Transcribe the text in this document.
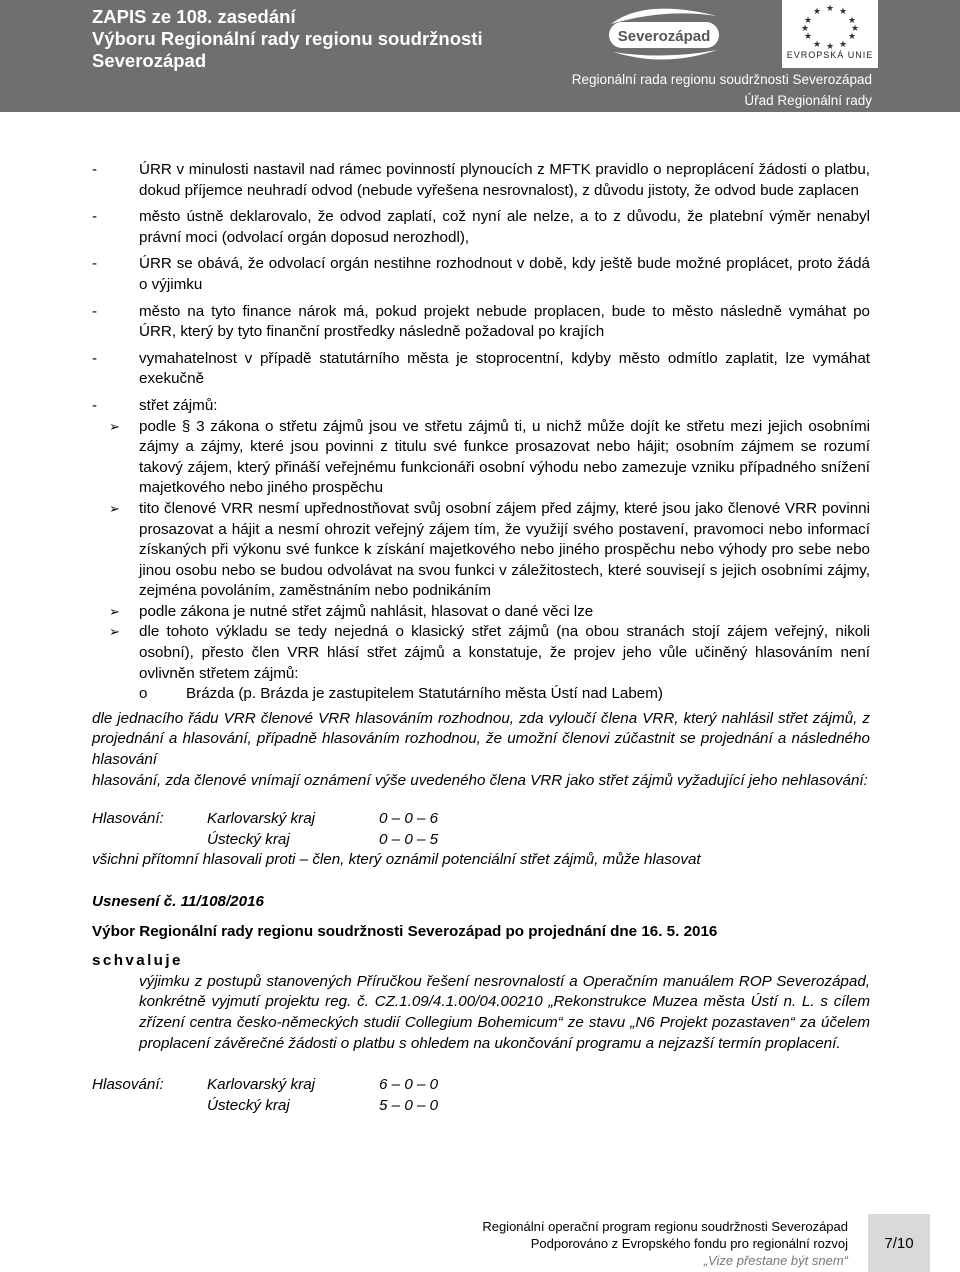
ZAPIS ze 108. zasedání
Výboru Regionální rady regionu soudržnosti
Severozápad
Severozápad
★ ★
★
★
★
★
★
★
★
★
★
★
EVROPSKÁ UNIE
Regionální rada regionu soudržnosti Severozápad
Úřad Regionální rady
-	ÚRR v minulosti nastavil nad rámec povinností plynoucích z MFTK pravidlo o neproplácení žádosti o platbu, dokud příjemce neuhradí odvod (nebude vyřešena nesrovnalost), z důvodu jistoty, že odvod bude zaplacen
-	město ústně deklarovalo, že odvod zaplatí, což nyní ale nelze, a to z důvodu, že platební výměr nenabyl právní moci (odvolací orgán doposud nerozhodl),
-	ÚRR se obává, že odvolací orgán nestihne rozhodnout v době, kdy ještě bude možné proplácet, proto žádá o výjimku
-	město na tyto finance nárok má, pokud projekt nebude proplacen, bude to město následně vymáhat po ÚRR, který by tyto finanční prostředky následně požadoval po krajích
-	vymahatelnost v případě statutárního města je stoprocentní, kdyby město odmítlo zaplatit, lze vymáhat exekučně
-	střet zájmů:
➢ podle § 3 zákona o střetu zájmů jsou ve střetu zájmů ti, u nichž může dojít ke střetu mezi jejich osobními zájmy a zájmy, které jsou povinni z titulu své funkce prosazovat nebo hájit; osobním zájmem se rozumí takový zájem, který přináší veřejnému funkcionáři osobní výhodu nebo zamezuje vzniku případného snížení majetkového nebo jiného prospěchu
➢ tito členové VRR nesmí upřednostňovat svůj osobní zájem před zájmy, které jsou jako členové VRR povinni prosazovat a hájit a nesmí ohrozit veřejný zájem tím, že využijí svého postavení, pravomoci nebo informací získaných při výkonu své funkce k získání majetkového nebo jiného prospěchu nebo výhody pro sebe nebo jinou osobu nebo se budou odvolávat na svou funkci v záležitostech, které souvisejí s jejich osobními zájmy, zejména povoláním, zaměstnáním nebo podnikáním
➢ podle zákona je nutné střet zájmů nahlásit, hlasovat o dané věci lze
➢ dle tohoto výkladu se tedy nejedná o klasický střet zájmů (na obou stranách stojí zájem veřejný, nikoli osobní), přesto člen VRR hlásí střet zájmů a konstatuje, že projev jeho vůle učiněný hlasováním není ovlivněn střetem zájmů:
o	Brázda (p. Brázda je zastupitelem Statutárního města Ústí nad Labem)
dle jednacího řádu VRR členové VRR hlasováním rozhodnou, zda vyloučí člena VRR, který nahlásil střet zájmů, z projednání a hlasování, případně hlasováním rozhodnou, že umožní členovi zúčastnit se projednání a následného hlasování
hlasování, zda členové vnímají oznámení výše uvedeného člena VRR jako střet zájmů vyžadující jeho nehlasování:
Hlasování:	Karlovarský kraj	0 – 0 – 6
Ústecký kraj	0 – 0 – 5
všichni přítomní hlasovali proti – člen, který oznámil potenciální střet zájmů, může hlasovat
Usnesení č. 11/108/2016
Výbor Regionální rady regionu soudržnosti Severozápad po projednání dne 16. 5. 2016
schvaluje
výjimku z postupů stanovených Příručkou řešení nesrovnalostí a Operačním manuálem ROP Severozápad, konkrétně vyjmutí projektu reg. č. CZ.1.09/4.1.00/04.00210 „Rekonstrukce Muzea města Ústí n. L. s cílem zřízení centra česko-německých studií Collegium Bohemicum“ ze stavu „N6 Projekt pozastaven“ za účelem proplacení závěrečné žádosti o platbu s ohledem na ukončování programu a nejzazší termín proplacení.
Hlasování:	Karlovarský kraj	6 – 0 – 0
Ústecký kraj	5 – 0 – 0
Regionální operační program regionu soudržnosti Severozápad
Podporováno z Evropského fondu pro regionální rozvoj
„Vize přestane být snem“
7/10
